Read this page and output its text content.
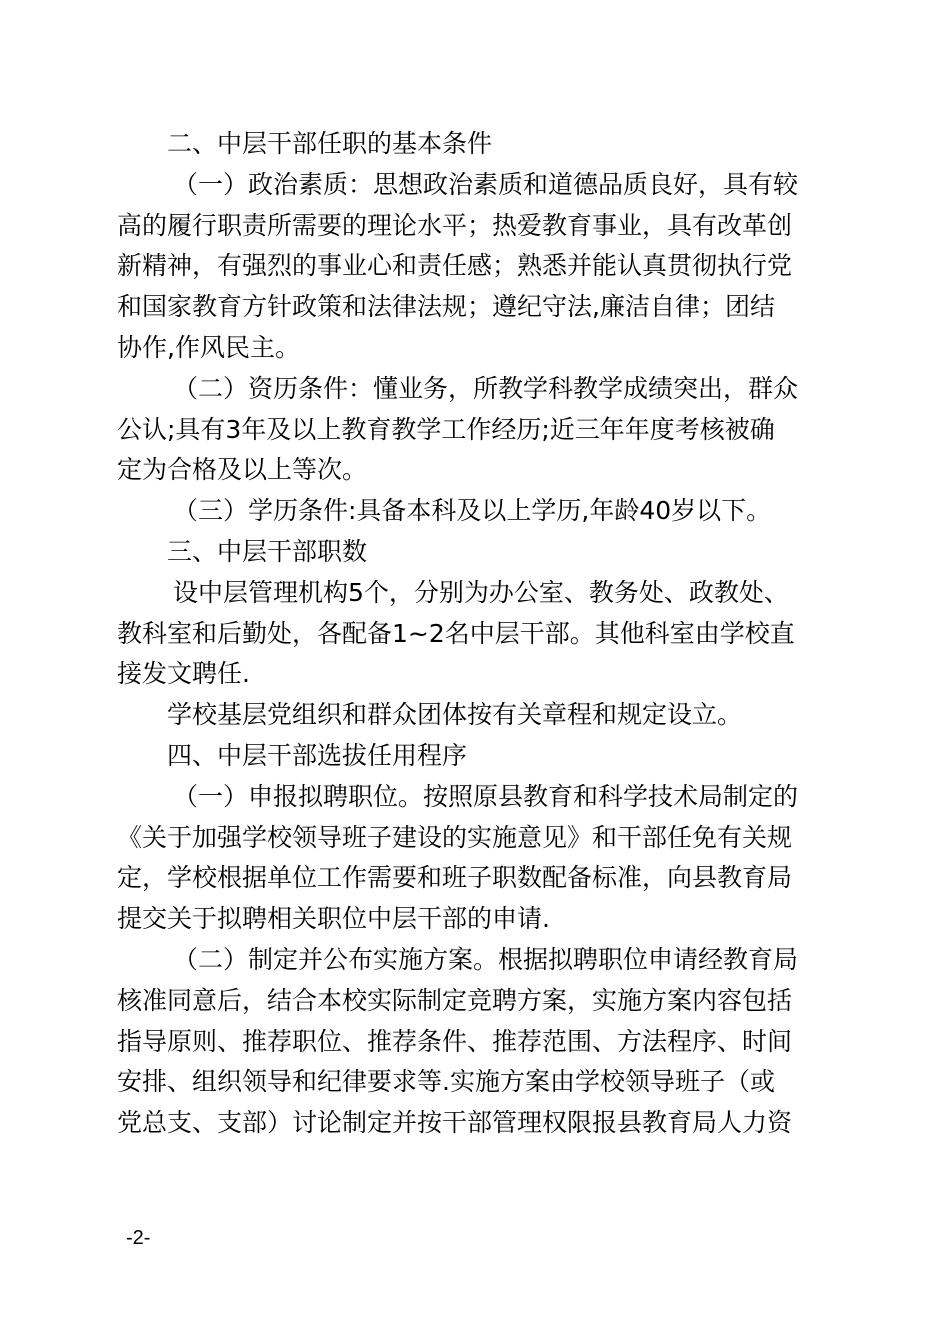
二、中层干部任职的基本条件
（一）政治素质：思想政治素质和道德品质良好，具有较
高的履行职责所需要的理论水平；热爱教育事业，具有改革创
新精神，有强烈的事业心和责任感；熟悉并能认真贯彻执行党
和国家教育方针政策和法律法规；遵纪守法,廉洁自律；团结
协作,作风民主。
（二）资历条件：懂业务，所教学科教学成绩突出，群众
公认;具有3年及以上教育教学工作经历;近三年年度考核被确
定为合格及以上等次。
（三）学历条件:具备本科及以上学历,年龄40岁以下。
三、中层干部职数
设中层管理机构5个，分别为办公室、教务处、政教处、
教科室和后勤处，各配备1~2名中层干部。其他科室由学校直
接发文聘任.
学校基层党组织和群众团体按有关章程和规定设立。
四、中层干部选拔任用程序
（一）申报拟聘职位。按照原县教育和科学技术局制定的
《关于加强学校领导班子建设的实施意见》和干部任免有关规
定，学校根据单位工作需要和班子职数配备标准，向县教育局
提交关于拟聘相关职位中层干部的申请.
（二）制定并公布实施方案。根据拟聘职位申请经教育局
核准同意后，结合本校实际制定竞聘方案，实施方案内容包括
指导原则、推荐职位、推荐条件、推荐范围、方法程序、时间
安排、组织领导和纪律要求等.实施方案由学校领导班子（或
党总支、支部）讨论制定并按干部管理权限报县教育局人力资
-2-
